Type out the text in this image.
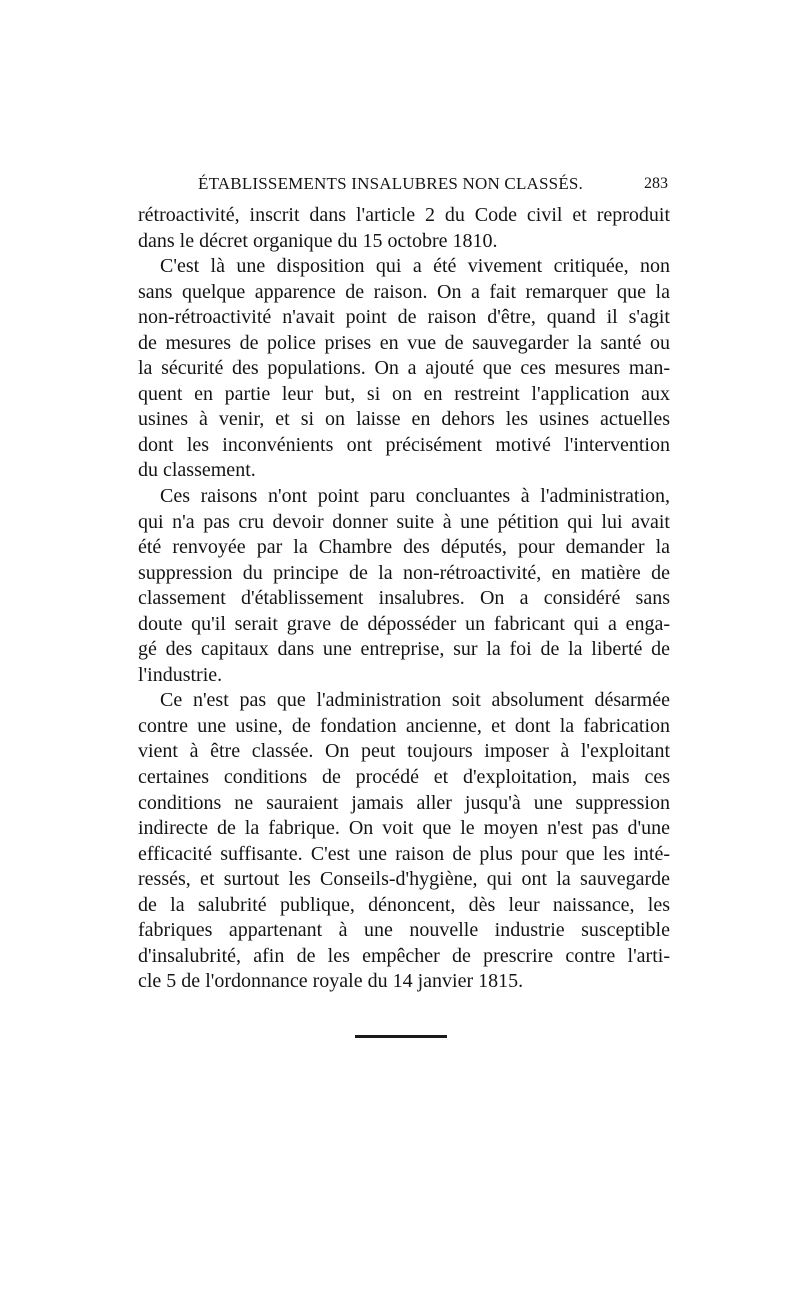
ÉTABLISSEMENTS INSALUBRES NON CLASSÉS.	283
rétroactivité, inscrit dans l'article 2 du Code civil et reproduit
dans le décret organique du 15 octobre 1810.
C'est là une disposition qui a été vivement critiquée, non
sans quelque apparence de raison. On a fait remarquer que la
non-rétroactivité n'avait point de raison d'être, quand il s'agit
de mesures de police prises en vue de sauvegarder la santé ou
la sécurité des populations. On a ajouté que ces mesures man-
quent en partie leur but, si on en restreint l'application aux
usines à venir, et si on laisse en dehors les usines actuelles
dont les inconvénients ont précisément motivé l'intervention
du classement.
Ces raisons n'ont point paru concluantes à l'administration,
qui n'a pas cru devoir donner suite à une pétition qui lui avait
été renvoyée par la Chambre des députés, pour demander la
suppression du principe de la non-rétroactivité, en matière de
classement d'établissement insalubres. On a considéré sans
doute qu'il serait grave de déposséder un fabricant qui a enga-
gé des capitaux dans une entreprise, sur la foi de la liberté de
l'industrie.
Ce n'est pas que l'administration soit absolument désarmée
contre une usine, de fondation ancienne, et dont la fabrication
vient à être classée. On peut toujours imposer à l'exploitant
certaines conditions de procédé et d'exploitation, mais ces
conditions ne sauraient jamais aller jusqu'à une suppression
indirecte de la fabrique. On voit que le moyen n'est pas d'une
efficacité suffisante. C'est une raison de plus pour que les inté-
ressés, et surtout les Conseils-d'hygiène, qui ont la sauvegarde
de la salubrité publique, dénoncent, dès leur naissance, les
fabriques appartenant à une nouvelle industrie susceptible
d'insalubrité, afin de les empêcher de prescrire contre l'arti-
cle 5 de l'ordonnance royale du 14 janvier 1815.
